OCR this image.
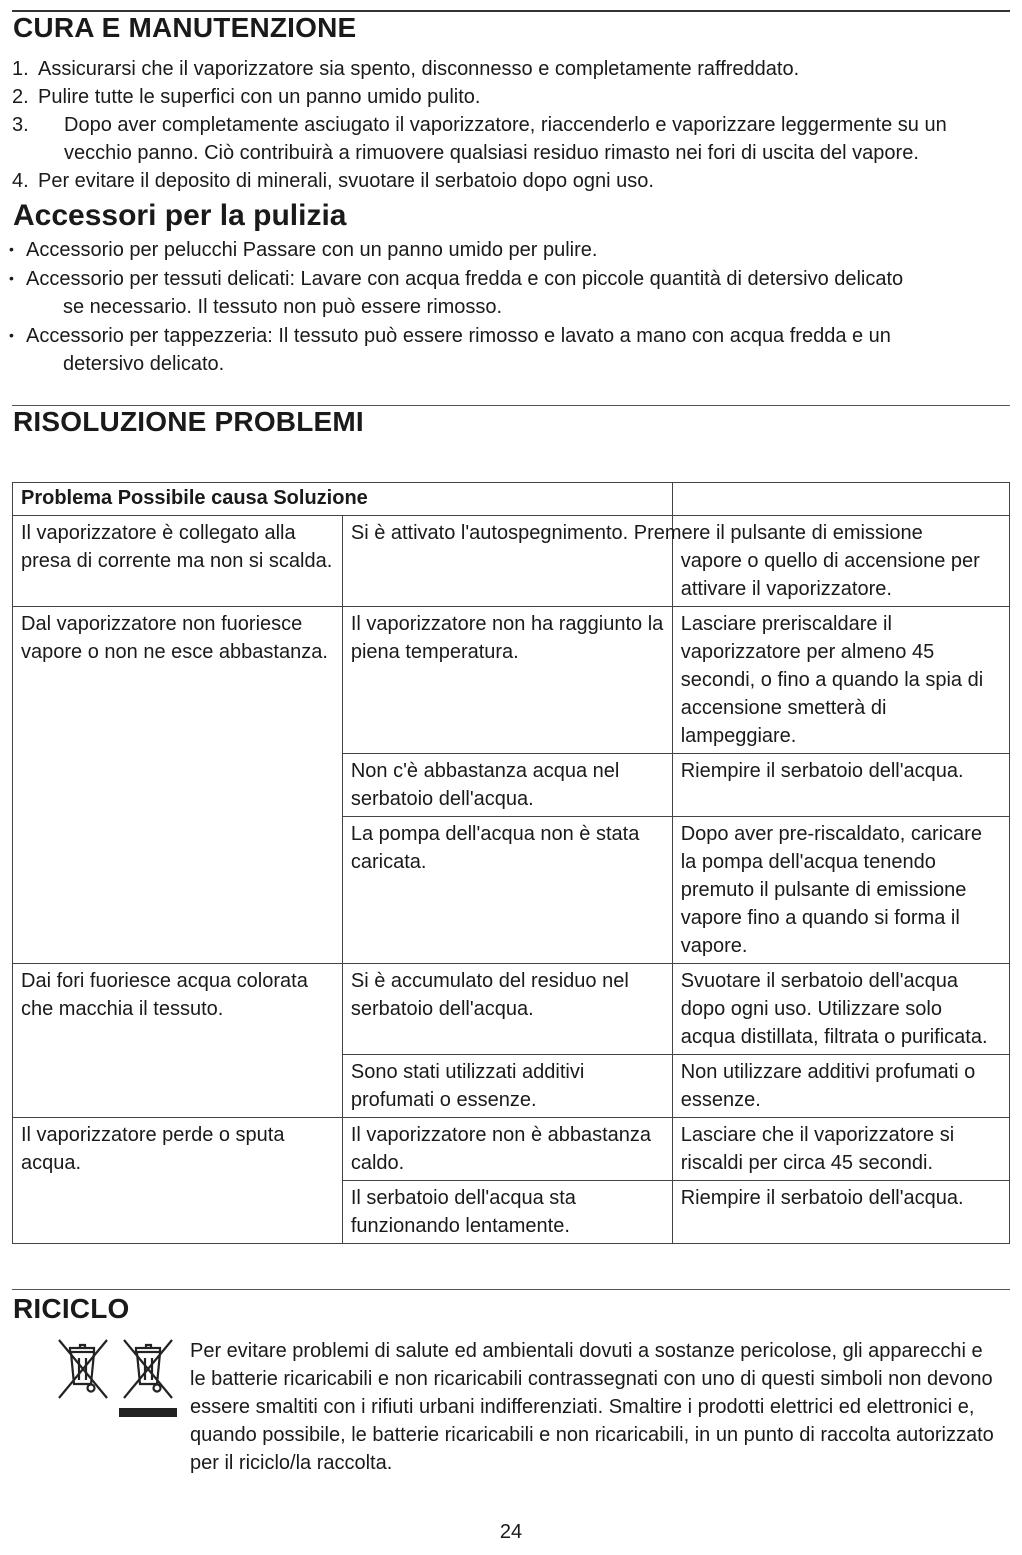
CURA E MANUTENZIONE
1. Assicurarsi che il vaporizzatore sia spento, disconnesso e completamente raffreddato.
2. Pulire tutte le superfici con un panno umido pulito.
3. Dopo aver completamente asciugato il vaporizzatore, riaccenderlo e vaporizzare leggermente su un
vecchio panno. Ciò contribuirà a rimuovere qualsiasi residuo rimasto nei fori di uscita del vapore.
4. Per evitare il deposito di minerali, svuotare il serbatoio dopo ogni uso.
Accessori per la pulizia
• Accessorio per pelucchi Passare con un panno umido per pulire.
• Accessorio per tessuti delicati: Lavare con acqua fredda e con piccole quantità di detersivo delicato
se necessario. Il tessuto non può essere rimosso.
• Accessorio per tappezzeria: Il tessuto può essere rimosso e lavato a mano con acqua fredda e un
detersivo delicato.
RISOLUZIONE PROBLEMI
Problema Possibile causa Soluzione		
Il vaporizzatore è collegato alla presa di corrente ma non si scalda.	Si è attivato l'autospegnimento. Premere il pulsante di emissione	vapore o quello di accensione per attivare il vaporizzatore.
Dal vaporizzatore non fuoriesce vapore o non ne esce abbastanza.	Il vaporizzatore non ha raggiunto la piena temperatura.	Lasciare preriscaldare il vaporizzatore per almeno 45 secondi, o fino a quando la spia di accensione smetterà di lampeggiare.
	Non c'è abbastanza acqua nel serbatoio dell'acqua.	Riempire il serbatoio dell'acqua.
	La pompa dell'acqua non è stata caricata.	Dopo aver pre-riscaldato, caricare la pompa dell'acqua tenendo premuto il pulsante di emissione vapore fino a quando si forma il vapore.
Dai fori fuoriesce acqua colorata che macchia il tessuto.	Si è accumulato del residuo nel serbatoio dell'acqua.	Svuotare il serbatoio dell'acqua dopo ogni uso. Utilizzare solo acqua distillata, filtrata o purificata.
	Sono stati utilizzati additivi profumati o essenze.	Non utilizzare additivi profumati o essenze.
Il vaporizzatore perde o sputa acqua.	Il vaporizzatore non è abbastanza caldo.	Lasciare che il vaporizzatore si riscaldi per circa 45 secondi.
	Il serbatoio dell'acqua sta funzionando lentamente.	Riempire il serbatoio dell'acqua.
RICICLO

Per evitare problemi di salute ed ambientali dovuti a sostanze pericolose, gli apparecchi e le batterie ricaricabili e non ricaricabili contrassegnati con uno di questi simboli non devono essere smaltiti con i rifiuti urbani indifferenziati. Smaltire i prodotti elettrici ed elettronici e, quando possibile, le batterie ricaricabili e non ricaricabili, in un punto di raccolta autorizzato per il riciclo/la raccolta.

24
